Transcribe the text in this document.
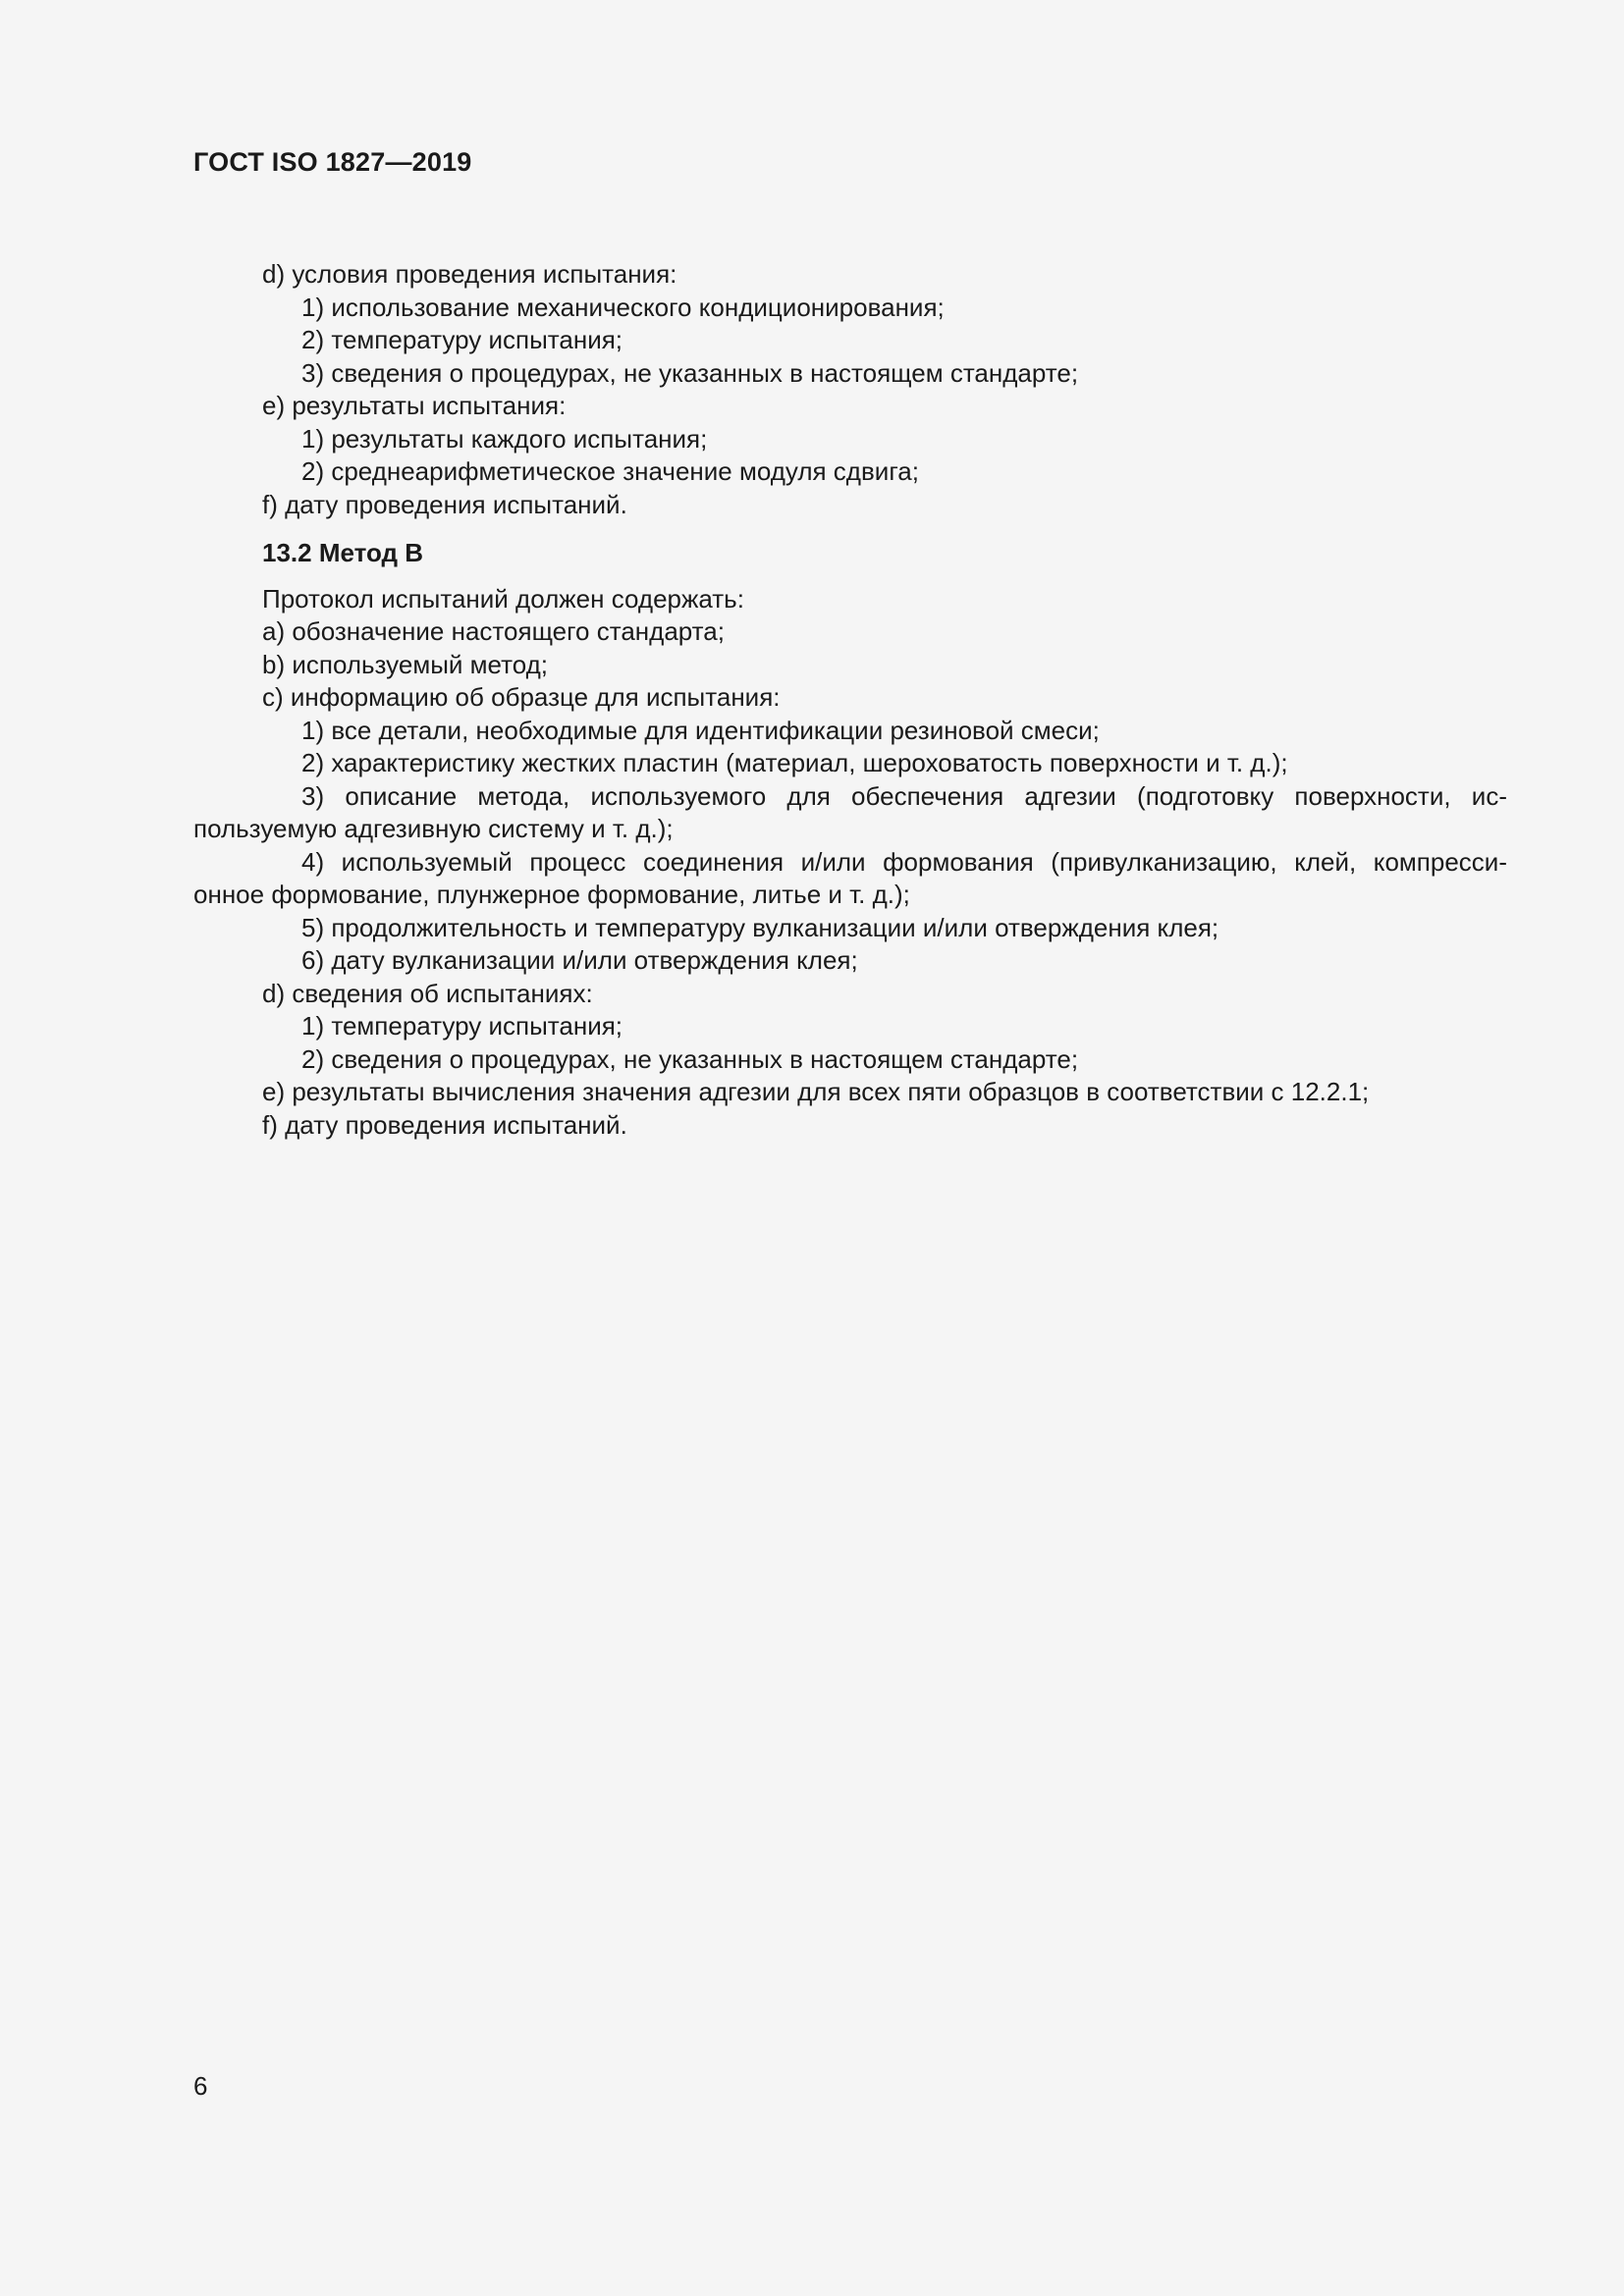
ГОСТ ISO 1827—2019
d) условия проведения испытания:
1) использование механического кондиционирования;
2) температуру испытания;
3) сведения о процедурах, не указанных в настоящем стандарте;
e) результаты испытания:
1) результаты каждого испытания;
2) среднеарифметическое значение модуля сдвига;
f) дату проведения испытаний.
13.2 Метод В
Протокол испытаний должен содержать:
a) обозначение настоящего стандарта;
b) используемый метод;
c) информацию об образце для испытания:
1) все детали, необходимые для идентификации резиновой смеси;
2) характеристику жестких пластин (материал, шероховатость поверхности и т. д.);
3) описание метода, используемого для обеспечения адгезии (подготовку поверхности, ис-
пользуемую адгезивную систему и т. д.);
4) используемый процесс соединения и/или формования (привулканизацию, клей, компресси-
онное формование, плунжерное формование, литье и т. д.);
5) продолжительность и температуру вулканизации и/или отверждения клея;
6) дату вулканизации и/или отверждения клея;
d) сведения об испытаниях:
1) температуру испытания;
2) сведения о процедурах, не указанных в настоящем стандарте;
e) результаты вычисления значения адгезии для всех пяти образцов в соответствии с 12.2.1;
f) дату проведения испытаний.
6
